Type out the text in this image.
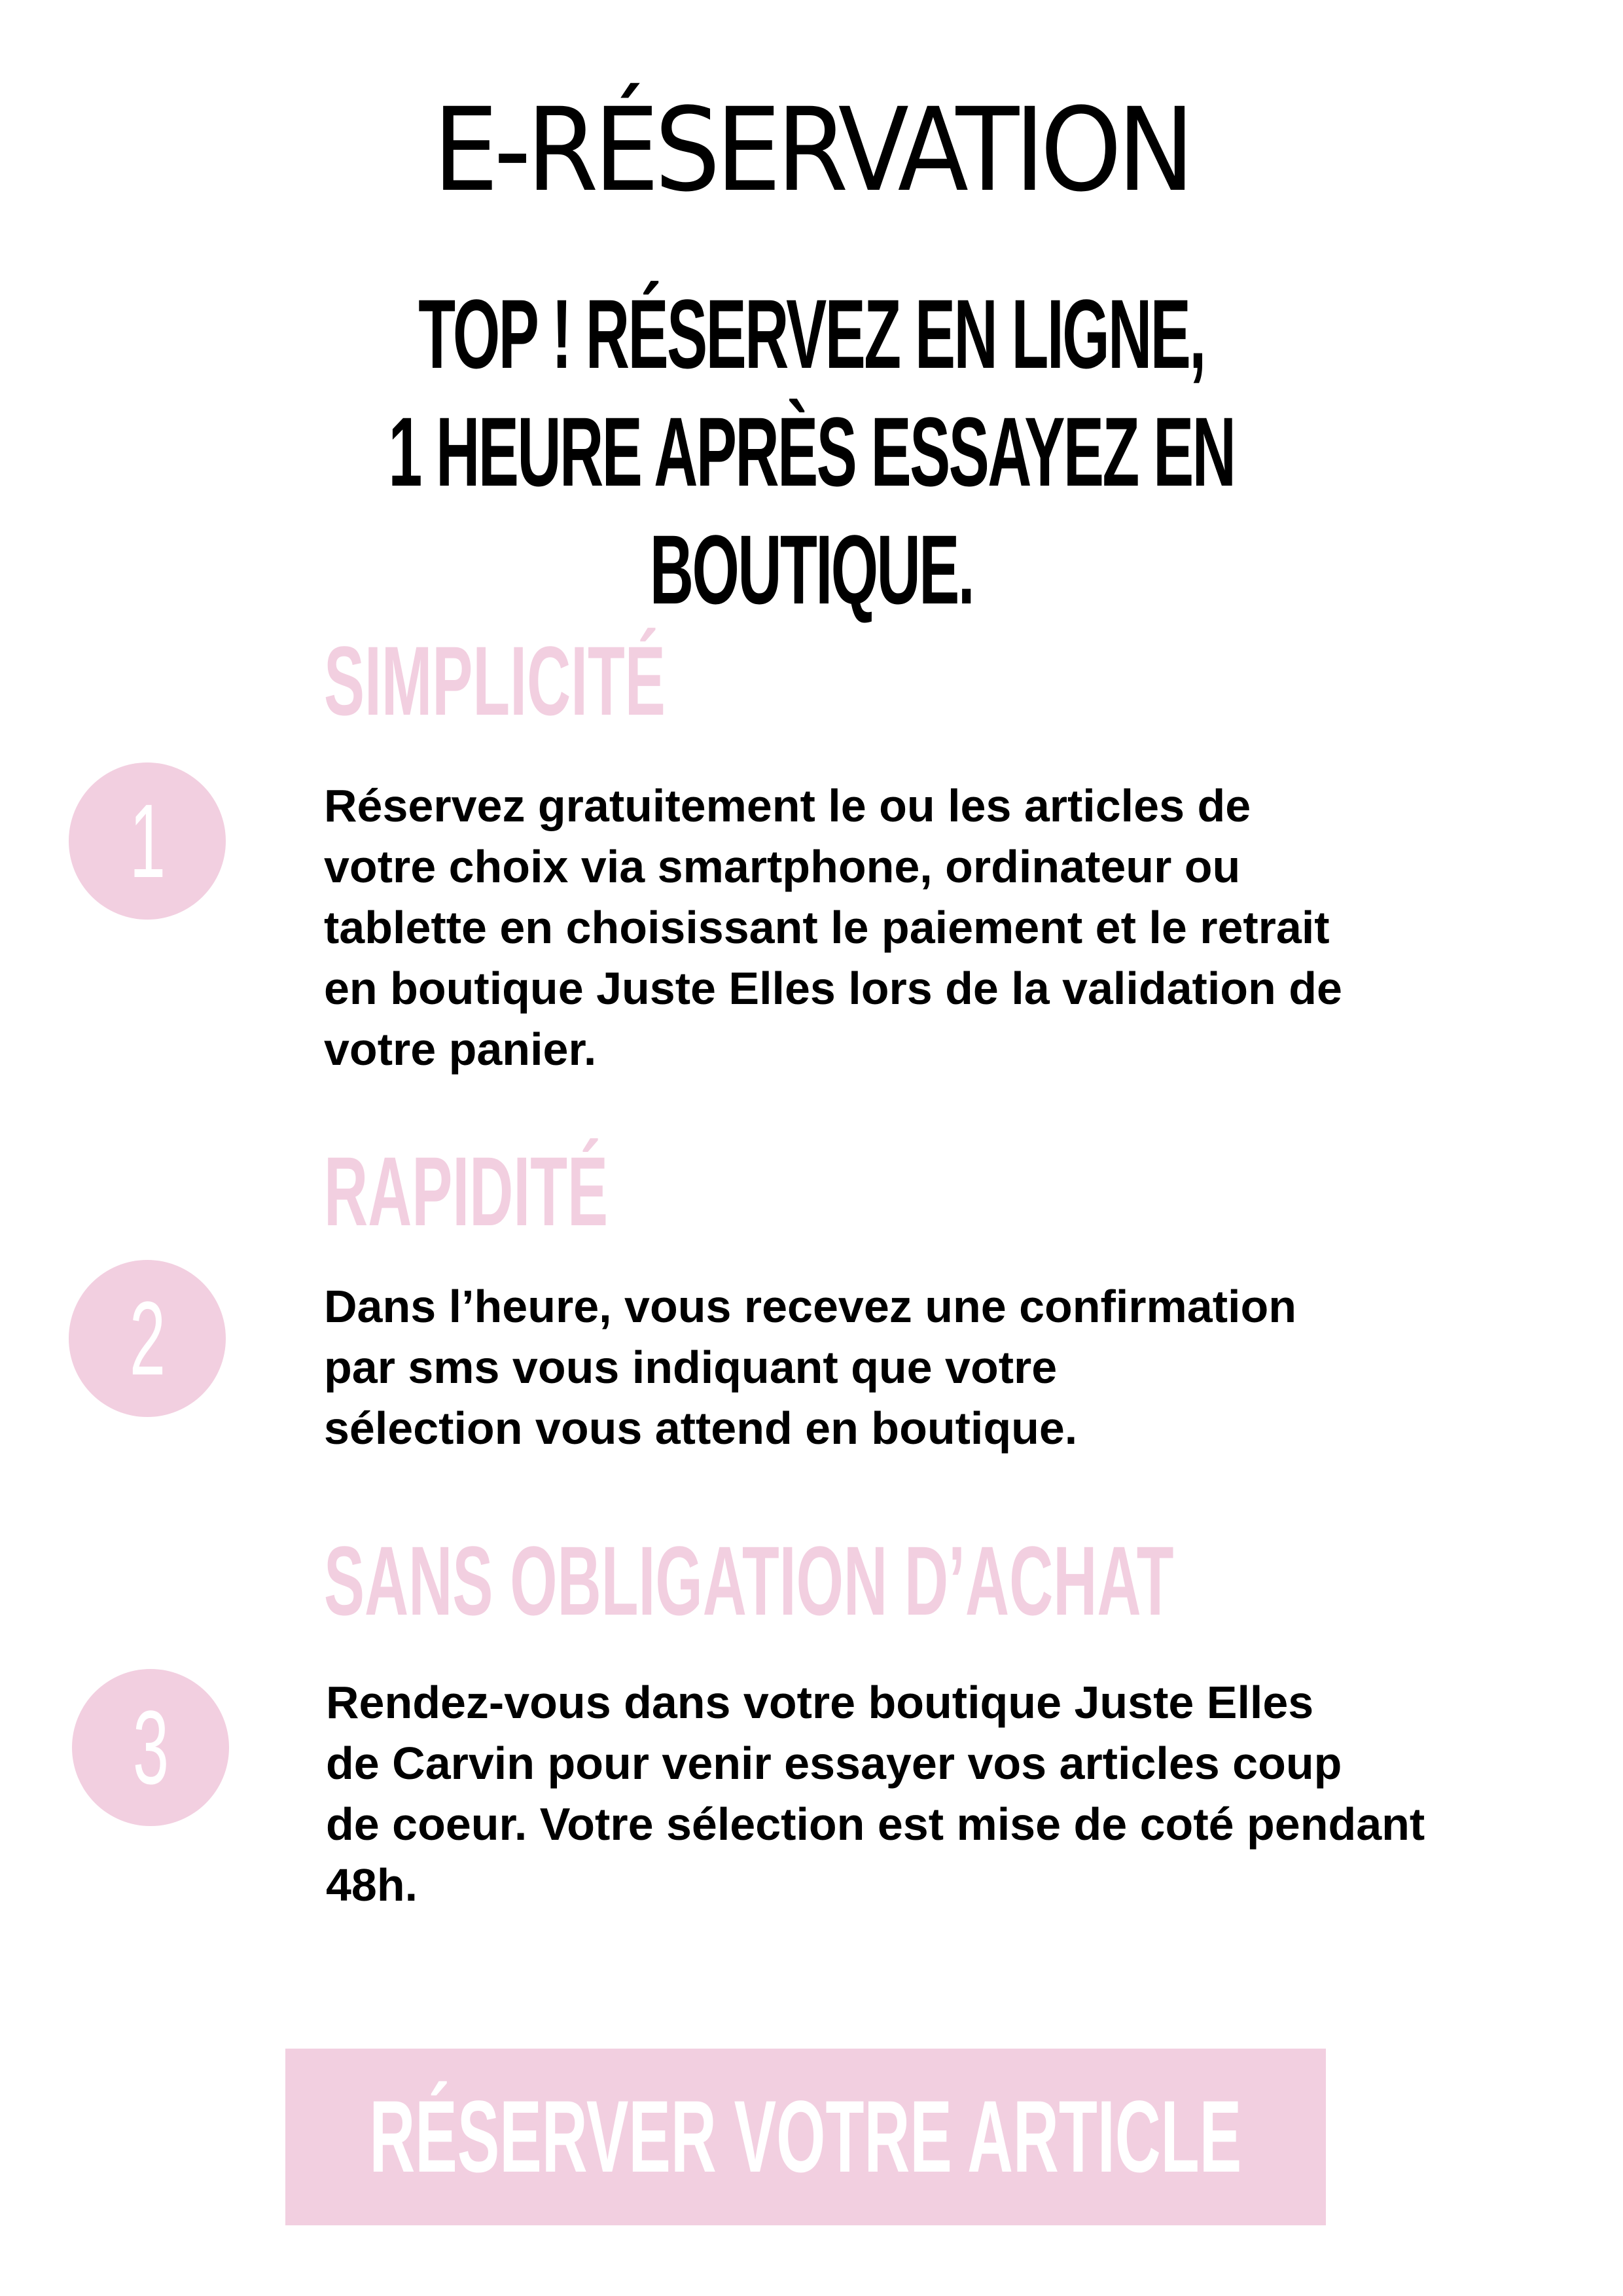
E-RÉSERVATION
TOP ! RÉSERVEZ EN LIGNE,
1 HEURE APRÈS ESSAYEZ EN BOUTIQUE.
SIMPLICITÉ
1	Réservez gratuitement le ou les articles de
votre choix via smartphone, ordinateur ou
tablette en choisissant le paiement et le retrait
en boutique Juste Elles lors de la validation de
votre panier.
RAPIDITÉ
2	Dans l’heure, vous recevez une confirmation
par sms vous indiquant que votre
sélection vous attend en boutique.
SANS OBLIGATION D’ACHAT
3	Rendez-vous dans votre boutique Juste Elles
de Carvin pour venir essayer vos articles coup
de coeur. Votre sélection est mise de coté pendant
48h.
RÉSERVER VOTRE ARTICLE
